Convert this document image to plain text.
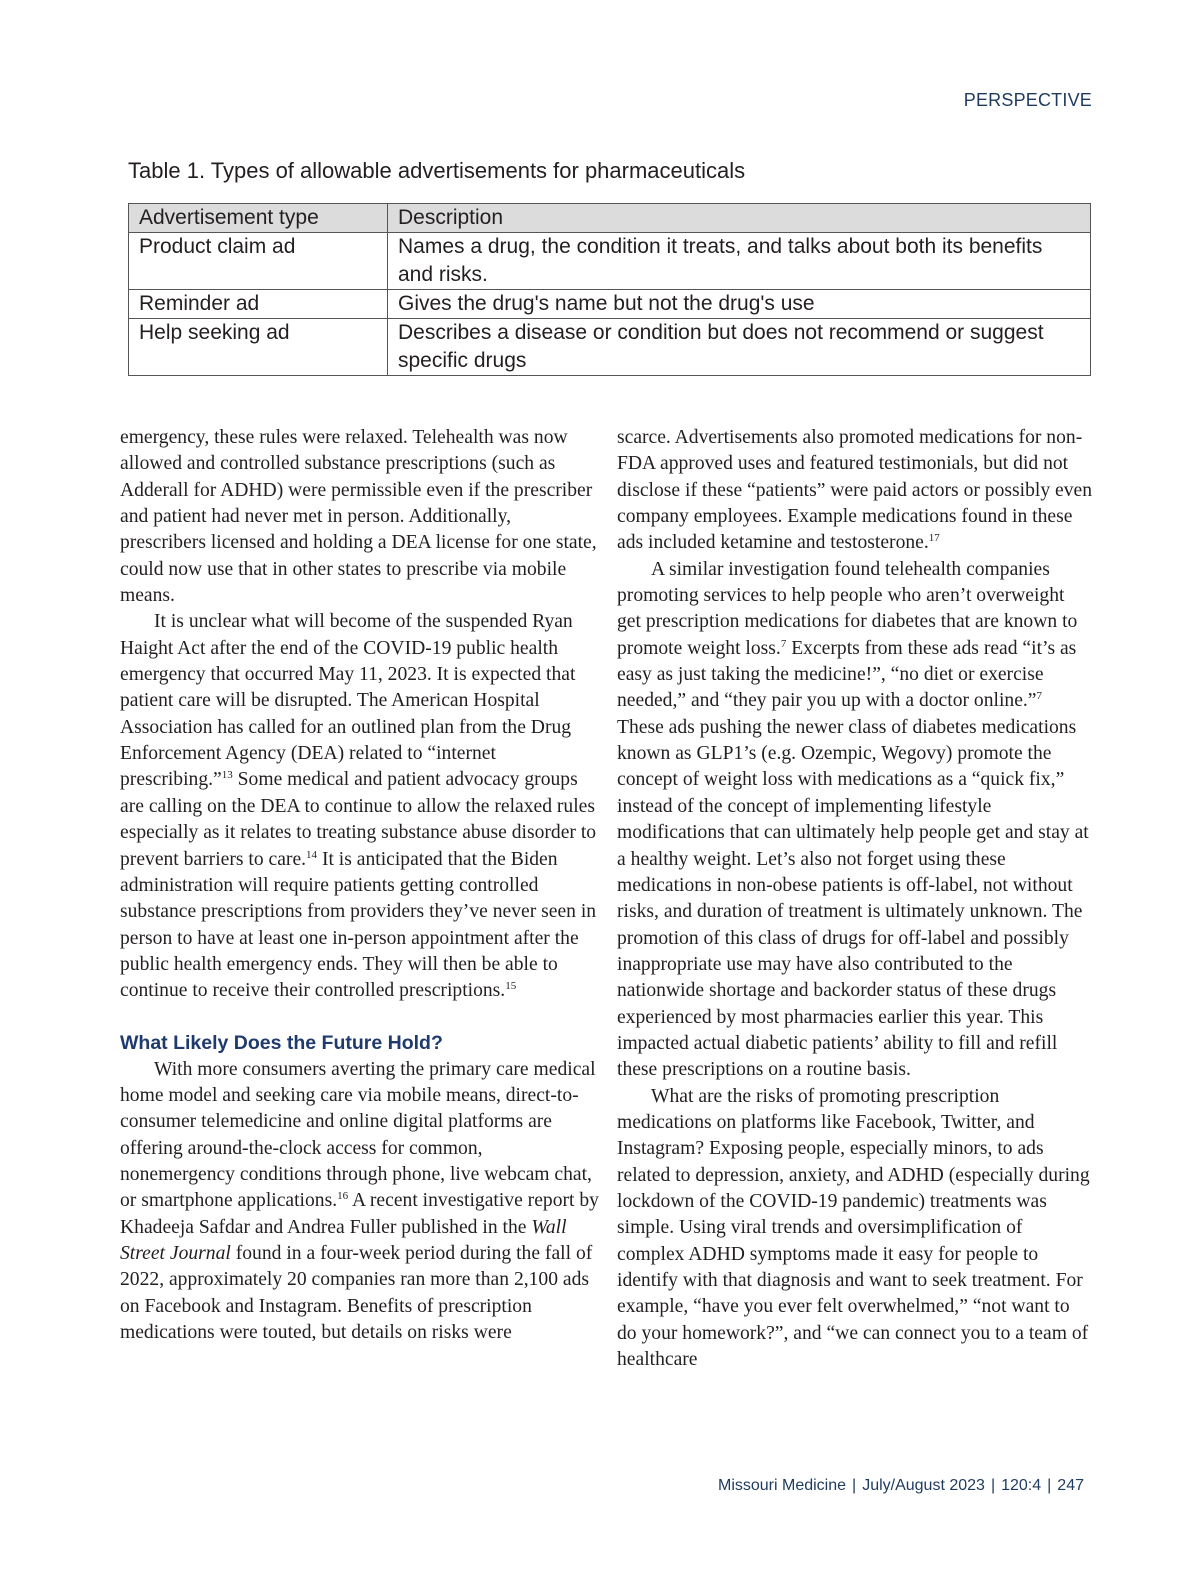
PERSPECTIVE
Table 1. Types of allowable advertisements for pharmaceuticals
Advertisement type	Description
Product claim ad	Names a drug, the condition it treats, and talks about both its benefits and risks.
Reminder ad	Gives the drug's name but not the drug's use
Help seeking ad	Describes a disease or condition but does not recommend or suggest specific drugs

emergency, these rules were relaxed. Telehealth was now allowed and controlled substance prescriptions (such as Adderall for ADHD) were permissible even if the prescriber and patient had never met in person. Additionally, prescribers licensed and holding a DEA license for one state, could now use that in other states to prescribe via mobile means.

It is unclear what will become of the suspended Ryan Haight Act after the end of the COVID-19 public health emergency that occurred May 11, 2023. It is expected that patient care will be disrupted. The American Hospital Association has called for an outlined plan from the Drug Enforcement Agency (DEA) related to “internet prescribing.”$^{13}$ Some medical and patient advocacy groups are calling on the DEA to continue to allow the relaxed rules especially as it relates to treating substance abuse disorder to prevent barriers to care.$^{14}$ It is anticipated that the Biden administration will require patients getting controlled substance prescriptions from providers they’ve never seen in person to have at least one in-person appointment after the public health emergency ends. They will then be able to continue to receive their controlled prescriptions.$^{15}$

What Likely Does the Future Hold?

With more consumers averting the primary care medical home model and seeking care via mobile means, direct-to-consumer telemedicine and online digital platforms are offering around-the-clock access for common, nonemergency conditions through phone, live webcam chat, or smartphone applications.$^{16}$ A recent investigative report by Khadeeja Safdar and Andrea Fuller published in the Wall Street Journal found in a four-week period during the fall of 2022, approximately 20 companies ran more than 2,100 ads on Facebook and Instagram. Benefits of prescription medications were touted, but details on risks were

scarce. Advertisements also promoted medications for non-FDA approved uses and featured testimonials, but did not disclose if these “patients” were paid actors or possibly even company employees. Example medications found in these ads included ketamine and testosterone.$^{17}$

A similar investigation found telehealth companies promoting services to help people who aren’t overweight get prescription medications for diabetes that are known to promote weight loss.$^7$ Excerpts from these ads read “it’s as easy as just taking the medicine!”, “no diet or exercise needed,” and “they pair you up with a doctor online.”$^7$ These ads pushing the newer class of diabetes medications known as GLP1’s (e.g. Ozempic, Wegovy) promote the concept of weight loss with medications as a “quick fix,” instead of the concept of implementing lifestyle modifications that can ultimately help people get and stay at a healthy weight. Let’s also not forget using these medications in non-obese patients is off-label, not without risks, and duration of treatment is ultimately unknown. The promotion of this class of drugs for off-label and possibly inappropriate use may have also contributed to the nationwide shortage and backorder status of these drugs experienced by most pharmacies earlier this year. This impacted actual diabetic patients’ ability to fill and refill these prescriptions on a routine basis.

What are the risks of promoting prescription medications on platforms like Facebook, Twitter, and Instagram? Exposing people, especially minors, to ads related to depression, anxiety, and ADHD (especially during lockdown of the COVID-19 pandemic) treatments was simple. Using viral trends and oversimplification of complex ADHD symptoms made it easy for people to identify with that diagnosis and want to seek treatment. For example, “have you ever felt overwhelmed,” “not want to do your homework?”, and “we can connect you to a team of healthcare

Missouri Medicine | July/August 2023 | 120:4 | 247
